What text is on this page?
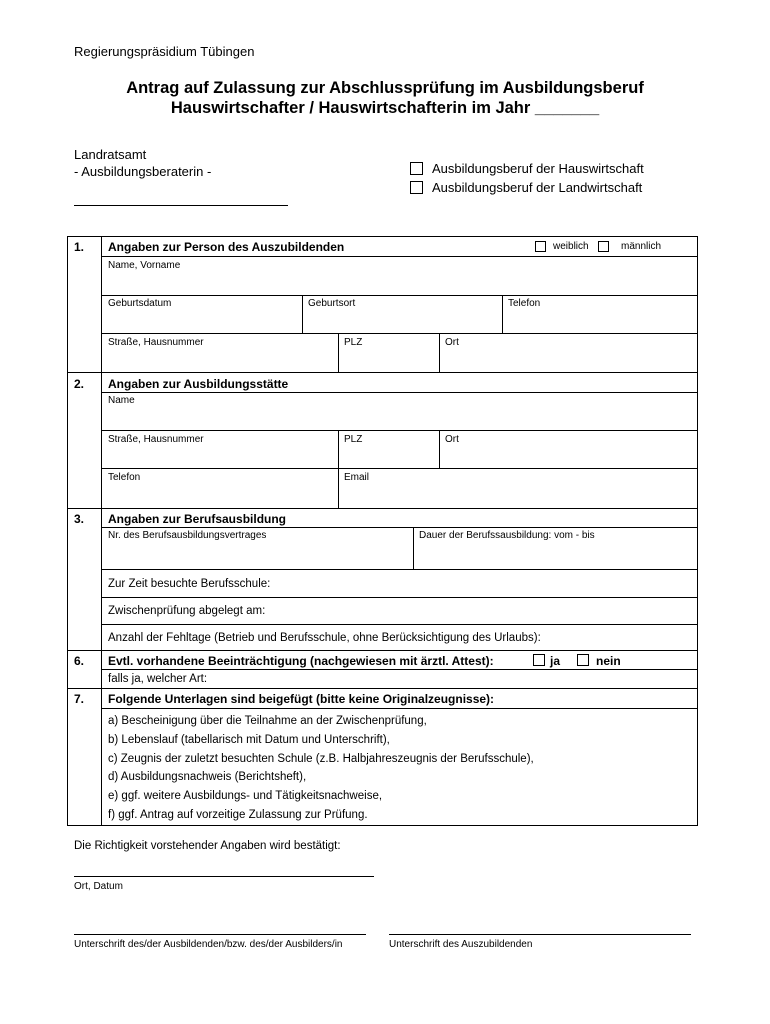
Regierungspräsidium Tübingen
Antrag auf Zulassung zur Abschlussprüfung im Ausbildungsberuf
Hauswirtschafter / Hauswirtschafterin im Jahr _______
Landratsamt
- Ausbildungsberaterin -	Ausbildungsberuf der Hauswirtschaft
Ausbildungsberuf der Landwirtschaft
1. Angaben zur Person des Auszubildenden	weiblich	männlich
Name, Vorname
Geburtsdatum	Geburtsort	Telefon
Straße, Hausnummer	PLZ	Ort
2. Angaben zur Ausbildungsstätte
Name
Straße, Hausnummer	PLZ	Ort
Telefon	Email
3. Angaben zur Berufsausbildung
Nr. des Berufsausbildungsvertrages	Dauer der Berufssausbildung: vom - bis
Zur Zeit besuchte Berufsschule:
Zwischenprüfung abgelegt am:
Anzahl der Fehltage (Betrieb und Berufsschule, ohne Berücksichtigung des Urlaubs):
6. Evtl. vorhandene Beeinträchtigung (nachgewiesen mit ärztl. Attest):	ja	nein
falls ja, welcher Art:
7. Folgende Unterlagen sind beigefügt (bitte keine Originalzeugnisse):
a) Bescheinigung über die Teilnahme an der Zwischenprüfung,
b) Lebenslauf (tabellarisch mit Datum und Unterschrift),
c) Zeugnis der zuletzt besuchten Schule (z.B. Halbjahreszeugnis der Berufsschule),
d) Ausbildungsnachweis (Berichtsheft),
e) ggf. weitere Ausbildungs- und Tätigkeitsnachweise,
f) ggf. Antrag auf vorzeitige Zulassung zur Prüfung.
Die Richtigkeit vorstehender Angaben wird bestätigt:
Ort, Datum
Unterschrift des/der Ausbildenden/bzw. des/der Ausbilders/in	Unterschrift des Auszubildenden
